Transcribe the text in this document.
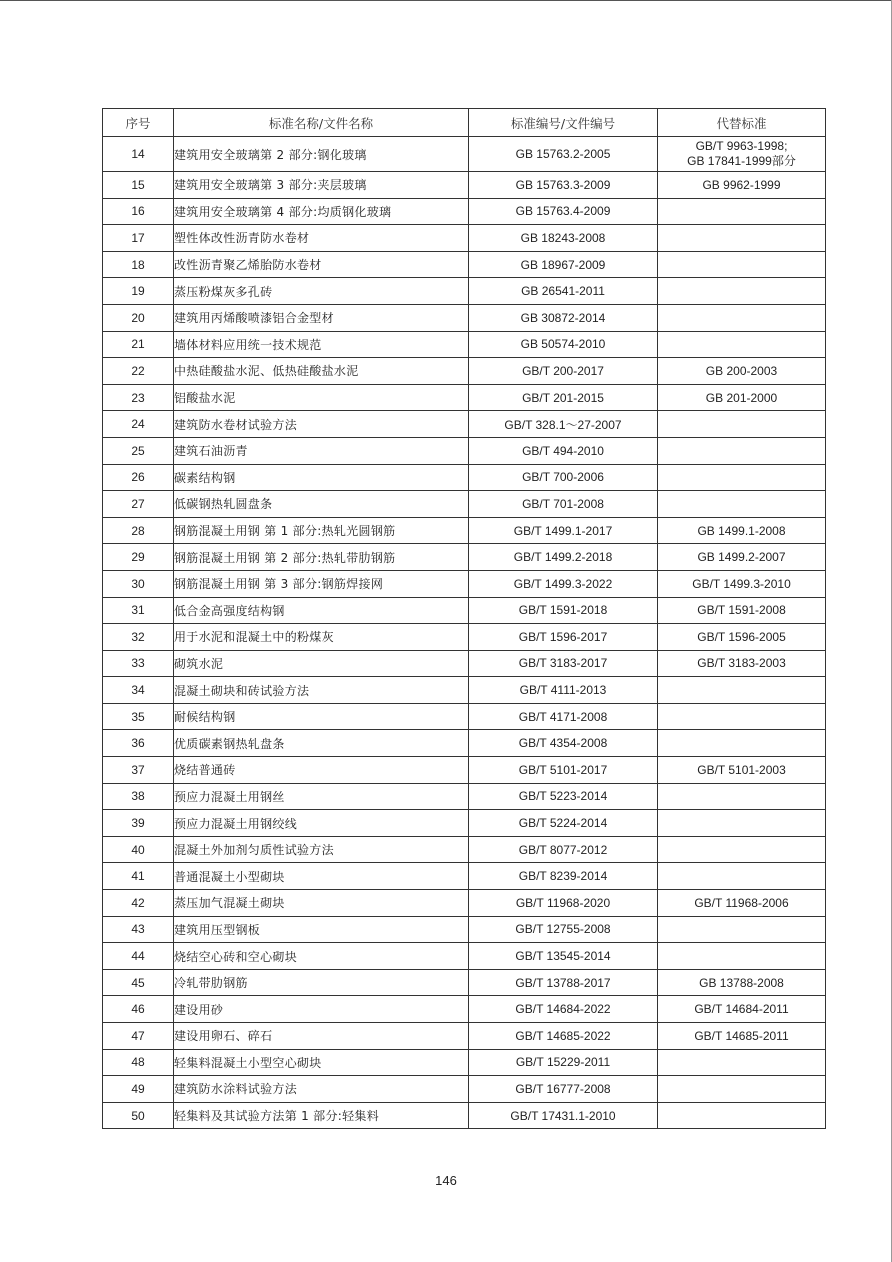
序号	标准名称/文件名称	标准编号/文件编号	代替标准
14	建筑用安全玻璃第 2 部分:钢化玻璃	GB 15763.2-2005	GB/T 9963-1998;
GB 17841-1999部分

15	建筑用安全玻璃第 3 部分:夹层玻璃	GB 15763.3-2009	GB 9962-1999
16	建筑用安全玻璃第 4 部分:均质钢化玻璃	GB 15763.4-2009	
17	塑性体改性沥青防水卷材	GB 18243-2008	
18	改性沥青聚乙烯胎防水卷材	GB 18967-2009	
19	蒸压粉煤灰多孔砖	GB 26541-2011	
20	建筑用丙烯酸喷漆铝合金型材	GB 30872-2014	
21	墙体材料应用统一技术规范	GB 50574-2010	
22	中热硅酸盐水泥、低热硅酸盐水泥	GB/T 200-2017	GB 200-2003
23	铝酸盐水泥	GB/T 201-2015	GB 201-2000
24	建筑防水卷材试验方法	GB/T 328.1～27-2007	
25	建筑石油沥青	GB/T 494-2010	
26	碳素结构钢	GB/T 700-2006	
27	低碳钢热轧圆盘条	GB/T 701-2008	
28	钢筋混凝土用钢 第 1 部分:热轧光圆钢筋	GB/T 1499.1-2017	GB 1499.1-2008
29	钢筋混凝土用钢 第 2 部分:热轧带肋钢筋	GB/T 1499.2-2018	GB 1499.2-2007
30	钢筋混凝土用钢 第 3 部分:钢筋焊接网	GB/T 1499.3-2022	GB/T 1499.3-2010
31	低合金高强度结构钢	GB/T 1591-2018	GB/T 1591-2008
32	用于水泥和混凝土中的粉煤灰	GB/T 1596-2017	GB/T 1596-2005
33	砌筑水泥	GB/T 3183-2017	GB/T 3183-2003
34	混凝土砌块和砖试验方法	GB/T 4111-2013	
35	耐候结构钢	GB/T 4171-2008	
36	优质碳素钢热轧盘条	GB/T 4354-2008	
37	烧结普通砖	GB/T 5101-2017	GB/T 5101-2003
38	预应力混凝土用钢丝	GB/T 5223-2014	
39	预应力混凝土用钢绞线	GB/T 5224-2014	
40	混凝土外加剂匀质性试验方法	GB/T 8077-2012	
41	普通混凝土小型砌块	GB/T 8239-2014	
42	蒸压加气混凝土砌块	GB/T 11968-2020	GB/T 11968-2006
43	建筑用压型钢板	GB/T 12755-2008	
44	烧结空心砖和空心砌块	GB/T 13545-2014	
45	冷轧带肋钢筋	GB/T 13788-2017	GB 13788-2008
46	建设用砂	GB/T 14684-2022	GB/T 14684-2011
47	建设用卵石、碎石	GB/T 14685-2022	GB/T 14685-2011
48	轻集料混凝土小型空心砌块	GB/T 15229-2011	
49	建筑防水涂料试验方法	GB/T 16777-2008	
50	轻集料及其试验方法第 1 部分:轻集料	GB/T 17431.1-2010	
146
